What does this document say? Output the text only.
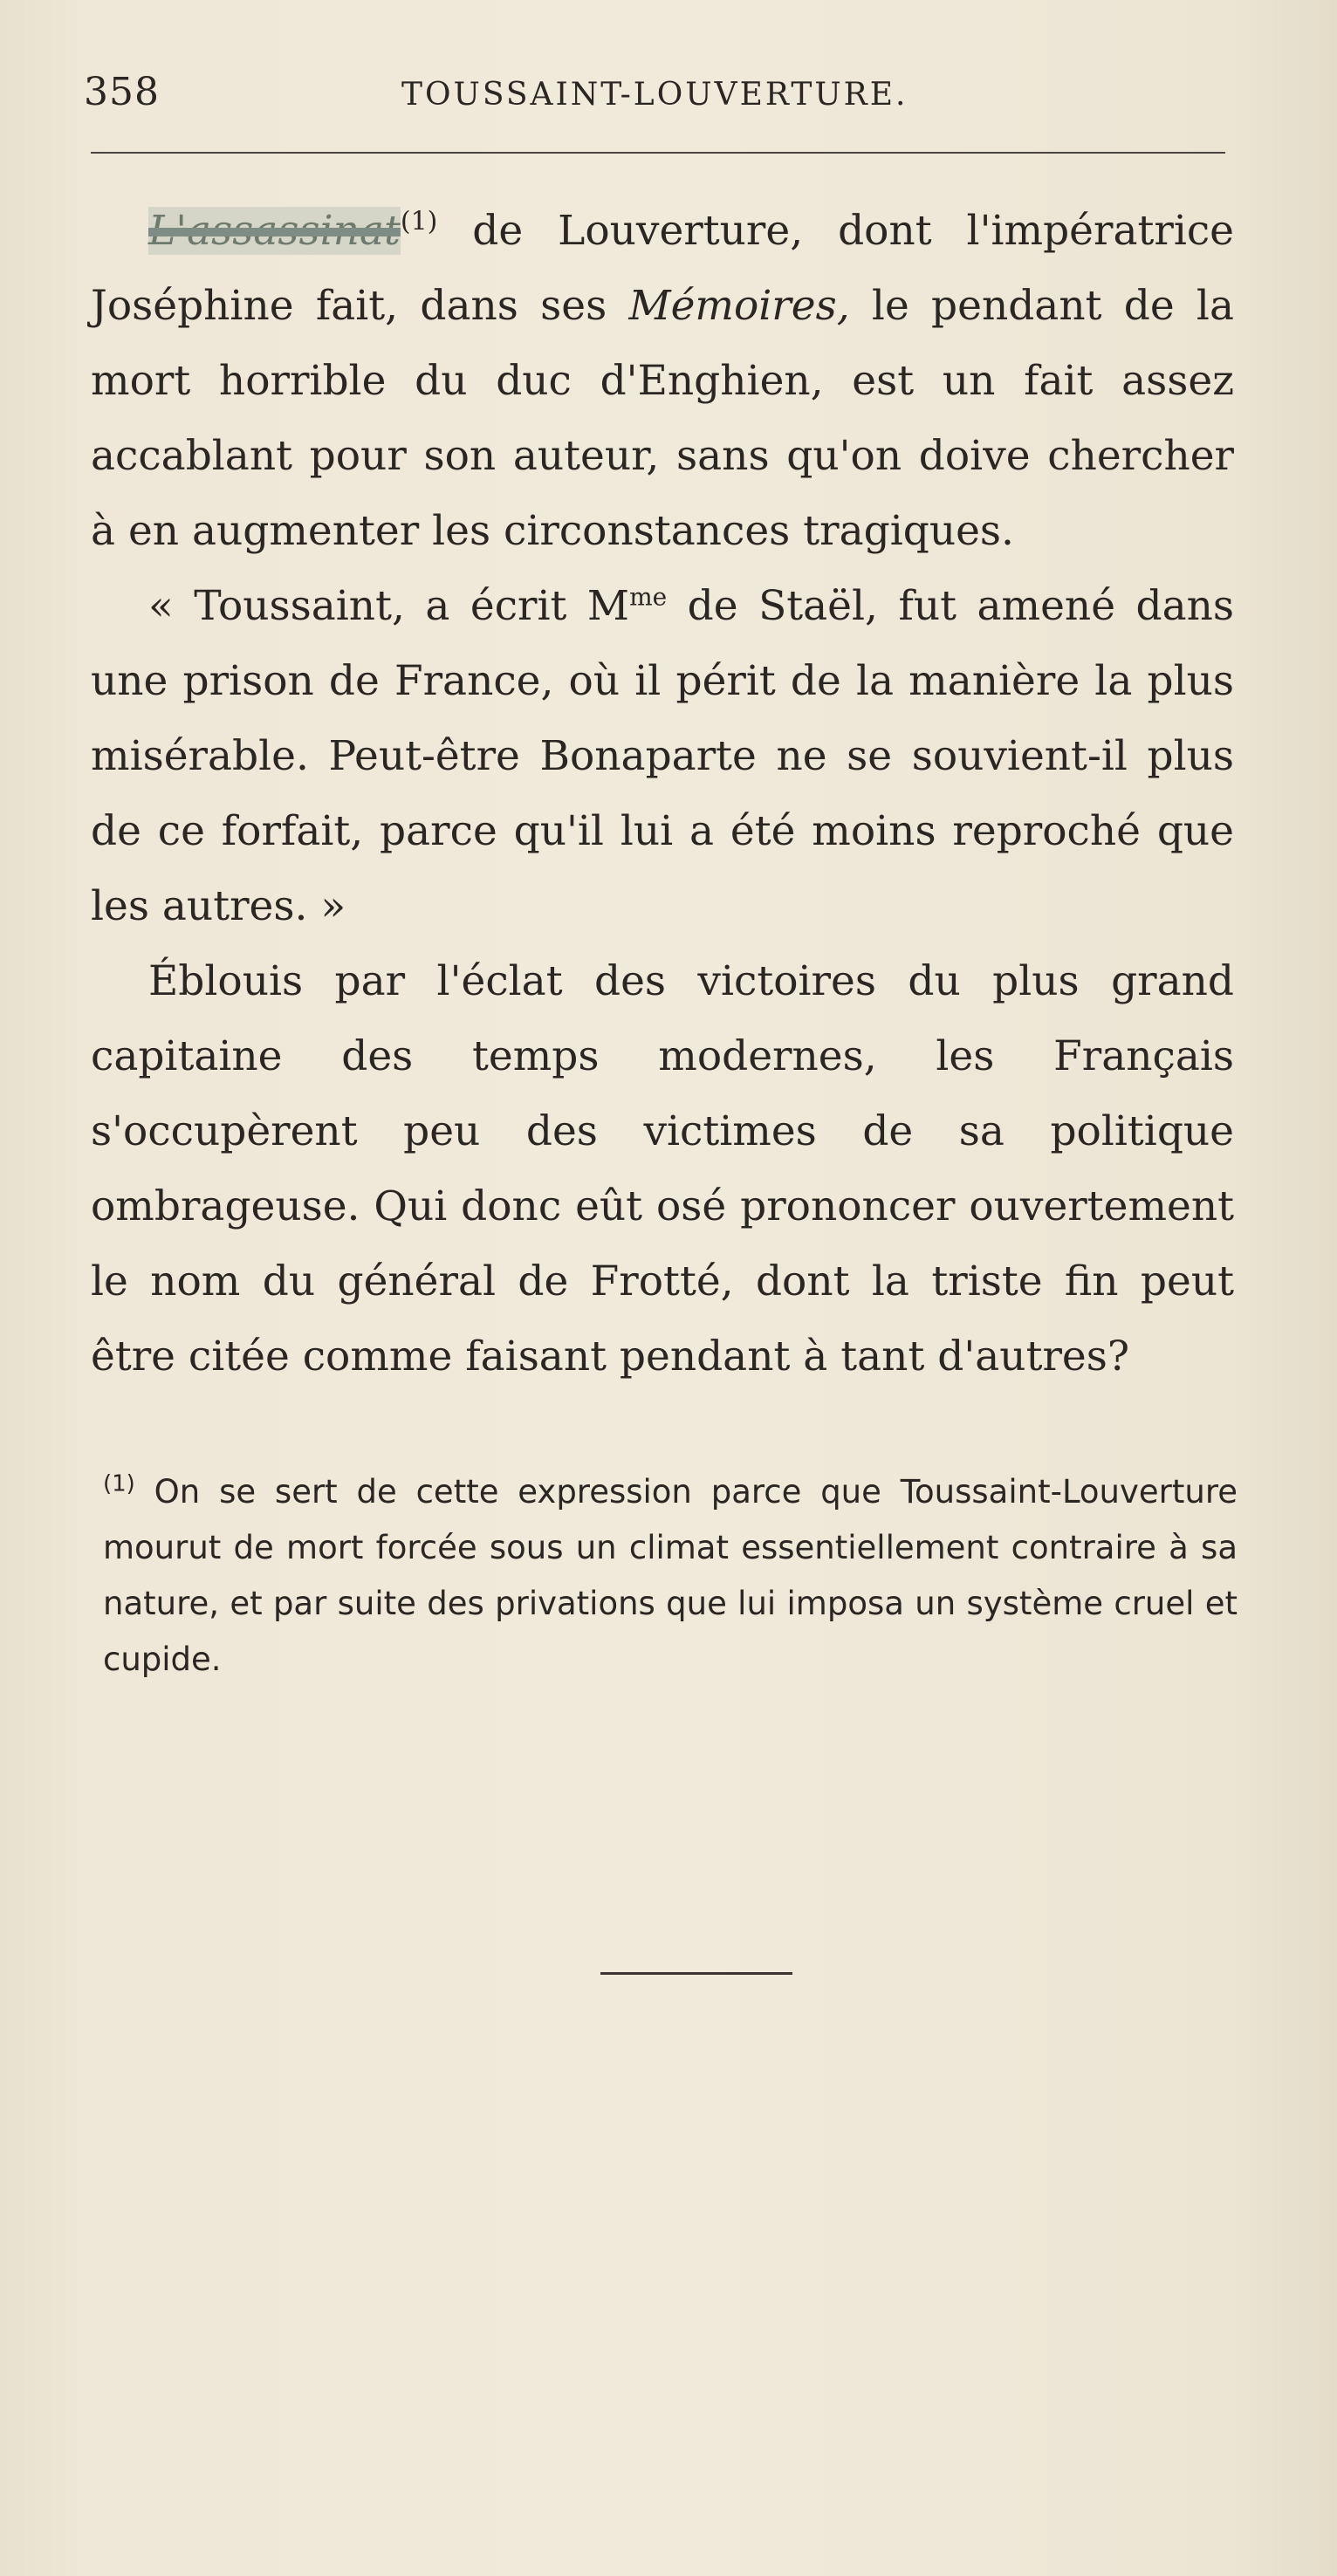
358	TOUSSAINT-LOUVERTURE.

L'assassinat$^{(1)}$ de Louverture, dont l'impératrice Joséphine fait, dans ses Mémoires, le pendant de la mort horrible du duc d'Enghien, est un fait assez accablant pour son auteur, sans qu'on doive chercher à en augmenter les circonstances tragiques.

« Toussaint, a écrit $M^{me}$ de Staël, fut amené dans une prison de France, où il périt de la manière la plus misérable. Peut-être Bonaparte ne se souvient-il plus de ce forfait, parce qu'il lui a été moins reproché que les autres. »

Éblouis par l'éclat des victoires du plus grand capitaine des temps modernes, les Français s'occupèrent peu des victimes de sa politique ombrageuse. Qui donc eût osé prononcer ouvertement le nom du général de Frotté, dont la triste fin peut être citée comme faisant pendant à tant d'autres?

$^{(1)}$ On se sert de cette expression parce que Toussaint-Louverture mourut de mort forcée sous un climat essentiellement contraire à sa nature, et par suite des privations que lui imposa un système cruel et cupide.
